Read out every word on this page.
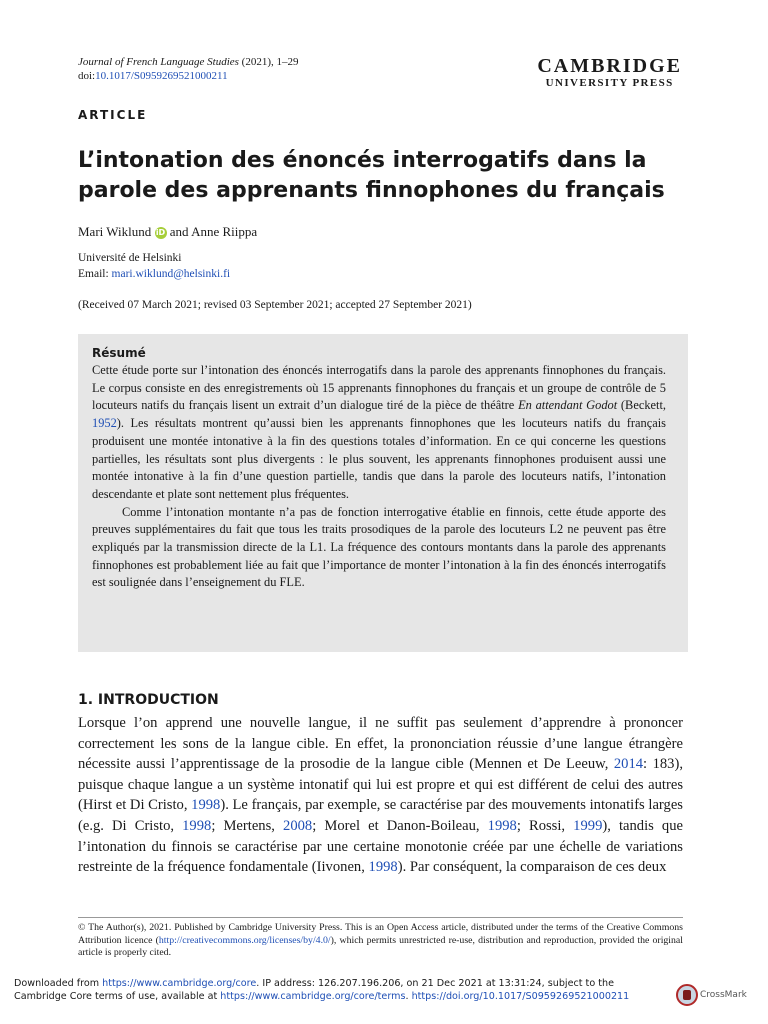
Journal of French Language Studies (2021), 1–29
doi:10.1017/S0959269521000211	CAMBRIDGE
UNIVERSITY PRESS
ARTICLE
L’intonation des énoncés interrogatifs dans la parole des apprenants finnophones du français
Mari Wiklund iD and Anne Riippa
Université de Helsinki
Email: mari.wiklund@helsinki.fi
(Received 07 March 2021; revised 03 September 2021; accepted 27 September 2021)
Résumé

Cette étude porte sur l’intonation des énoncés interrogatifs dans la parole des apprenants finnophones du français. Le corpus consiste en des enregistrements où 15 apprenants finnophones du français et un groupe de contrôle de 5 locuteurs natifs du français lisent un extrait d’un dialogue tiré de la pièce de théâtre En attendant Godot (Beckett, 1952). Les résultats montrent qu’aussi bien les apprenants finnophones que les locuteurs natifs du français produisent une montée intonative à la fin des questions totales d’information. En ce qui concerne les questions partielles, les résultats sont plus divergents : le plus souvent, les apprenants finnophones produisent aussi une montée intonative à la fin d’une question partielle, tandis que dans la parole des locuteurs natifs, l’intonation descendante et plate sont nettement plus fréquentes.

Comme l’intonation montante n’a pas de fonction interrogative établie en finnois, cette étude apporte des preuves supplémentaires du fait que tous les traits prosodiques de la parole des locuteurs L2 ne peuvent pas être expliqués par la transmission directe de la L1. La fréquence des contours montants dans la parole des apprenants finnophones est probablement liée au fait que l’importance de monter l’intonation à la fin des énoncés interrogatifs est soulignée dans l’enseignement du FLE.

1. INTRODUCTION
Lorsque l’on apprend une nouvelle langue, il ne suffit pas seulement d’apprendre à prononcer correctement les sons de la langue cible. En effet, la prononciation réussie d’une langue étrangère nécessite aussi l’apprentissage de la prosodie de la langue cible (Mennen et De Leeuw, 2014: 183), puisque chaque langue a un système intonatif qui lui est propre et qui est différent de celui des autres (Hirst et Di Cristo, 1998). Le français, par exemple, se caractérise par des mouvements intonatifs larges (e.g. Di Cristo, 1998; Mertens, 2008; Morel et Danon-Boileau, 1998; Rossi, 1999), tandis que l’intonation du finnois se caractérise par une certaine monotonie créée par une échelle de variations restreinte de la fréquence fondamentale (Iivonen, 1998). Par conséquent, la comparaison de ces deux
© The Author(s), 2021. Published by Cambridge University Press. This is an Open Access article, distributed under the terms of the Creative Commons Attribution licence (http://creativecommons.org/licenses/by/4.0/), which permits unrestricted re-use, distribution and reproduction, provided the original article is properly cited.
Downloaded from https://www.cambridge.org/core. IP address: 126.207.196.206, on 21 Dec 2021 at 13:31:24, subject to the
Cambridge Core terms of use, available at https://www.cambridge.org/core/terms. https://doi.org/10.1017/S0959269521000211	CrossMark
